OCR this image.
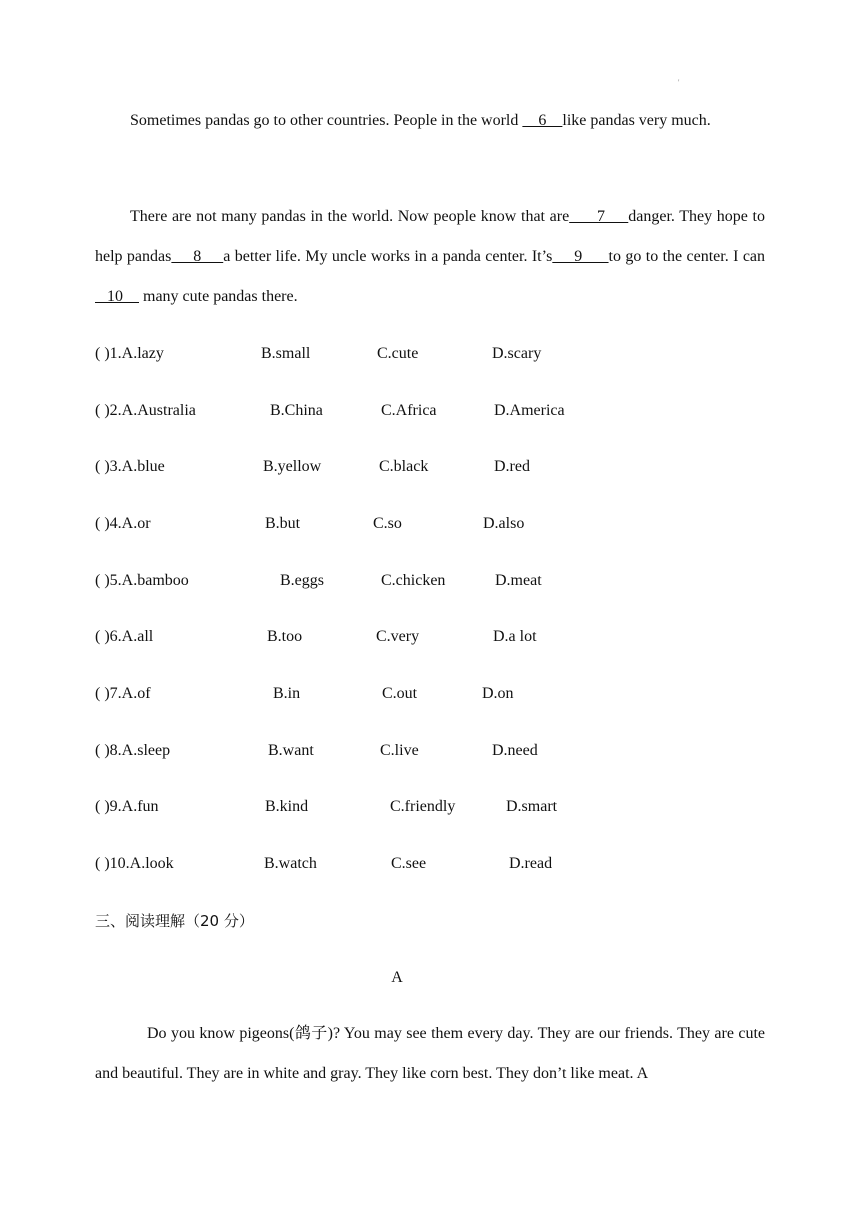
'
Sometimes pandas go to other countries. People in the world     6    like pandas very much.
There are not many pandas in the world. Now people know that are      7     danger. They hope to help pandas     8     a better life. My uncle works in a panda center. It’s     9      to go to the center. I can   10     many cute pandas there.
( )1.A.lazy	B.small	C.cute	D.scary
( )2.A.Australia	B.China	C.Africa	D.America
( )3.A.blue	B.yellow	C.black	D.red
( )4.A.or	B.but	C.so	D.also
( )5.A.bamboo	B.eggs	C.chicken	D.meat
( )6.A.all	B.too	C.very	D.a lot
( )7.A.of	B.in	C.out	D.on
( )8.A.sleep	B.want	C.live	D.need
( )9.A.fun	B.kind	C.friendly	D.smart
( )10.A.look	B.watch	C.see	D.read
三、阅读理解（20 分）
A
Do you know pigeons(鸽子)? You may see them every day. They are our friends. They are cute and beautiful. They are in white and gray. They like corn best. They don’t like meat. A
